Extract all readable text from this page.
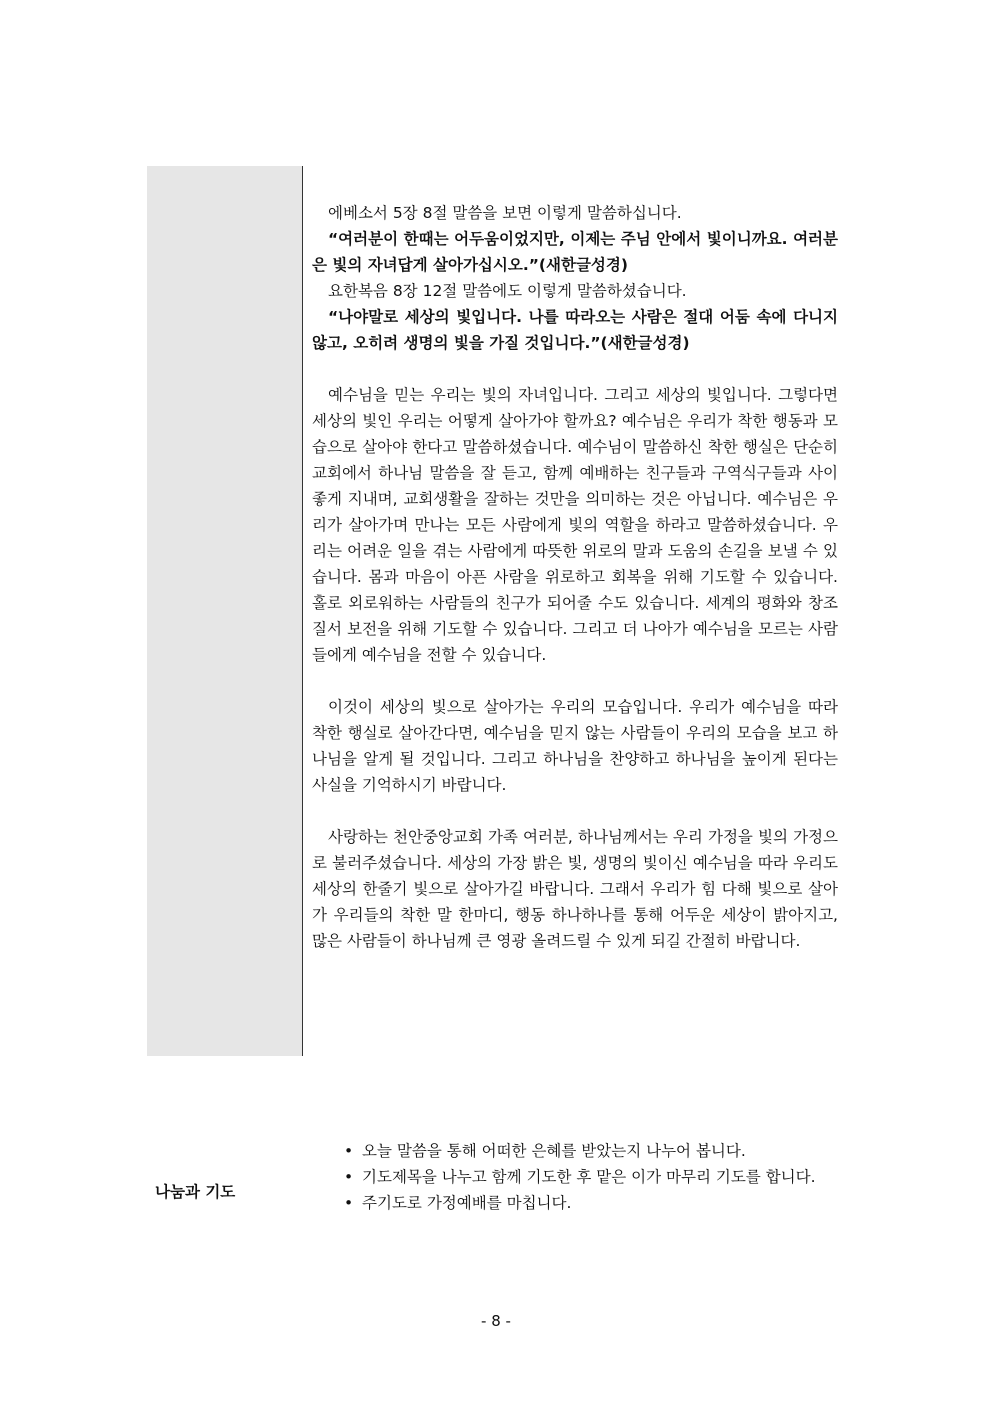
에베소서 5장 8절 말씀을 보면 이렇게 말씀하십니다.

“여러분이 한때는 어두움이었지만, 이제는 주님 안에서 빛이니까요. 여러분은 빛의 자녀답게 살아가십시오.”(새한글성경)

요한복음 8장 12절 말씀에도 이렇게 말씀하셨습니다.

“나야말로 세상의 빛입니다. 나를 따라오는 사람은 절대 어둠 속에 다니지 않고, 오히려 생명의 빛을 가질 것입니다.”(새한글성경)

예수님을 믿는 우리는 빛의 자녀입니다. 그리고 세상의 빛입니다. 그렇다면 세상의 빛인 우리는 어떻게 살아가야 할까요? 예수님은 우리가 착한 행동과 모습으로 살아야 한다고 말씀하셨습니다. 예수님이 말씀하신 착한 행실은 단순히 교회에서 하나님 말씀을 잘 듣고, 함께 예배하는 친구들과 구역식구들과 사이좋게 지내며, 교회생활을 잘하는 것만을 의미하는 것은 아닙니다. 예수님은 우리가 살아가며 만나는 모든 사람에게 빛의 역할을 하라고 말씀하셨습니다. 우리는 어려운 일을 겪는 사람에게 따뜻한 위로의 말과 도움의 손길을 보낼 수 있습니다. 몸과 마음이 아픈 사람을 위로하고 회복을 위해 기도할 수 있습니다. 홀로 외로워하는 사람들의 친구가 되어줄 수도 있습니다. 세계의 평화와 창조질서 보전을 위해 기도할 수 있습니다. 그리고 더 나아가 예수님을 모르는 사람들에게 예수님을 전할 수 있습니다.

이것이 세상의 빛으로 살아가는 우리의 모습입니다. 우리가 예수님을 따라 착한 행실로 살아간다면, 예수님을 믿지 않는 사람들이 우리의 모습을 보고 하나님을 알게 될 것입니다. 그리고 하나님을 찬양하고 하나님을 높이게 된다는 사실을 기억하시기 바랍니다.

사랑하는 천안중앙교회 가족 여러분, 하나님께서는 우리 가정을 빛의 가정으로 불러주셨습니다. 세상의 가장 밝은 빛, 생명의 빛이신 예수님을 따라 우리도 세상의 한줄기 빛으로 살아가길 바랍니다. 그래서 우리가 힘 다해 빛으로 살아가 우리들의 착한 말 한마디, 행동 하나하나를 통해 어두운 세상이 밝아지고, 많은 사람들이 하나님께 큰 영광 올려드릴 수 있게 되길 간절히 바랍니다.

나눔과 기도
• 오늘 말씀을 통해 어떠한 은혜를 받았는지 나누어 봅니다.
• 기도제목을 나누고 함께 기도한 후 맡은 이가 마무리 기도를 합니다.
• 주기도로 가정예배를 마칩니다.
- 8 -
